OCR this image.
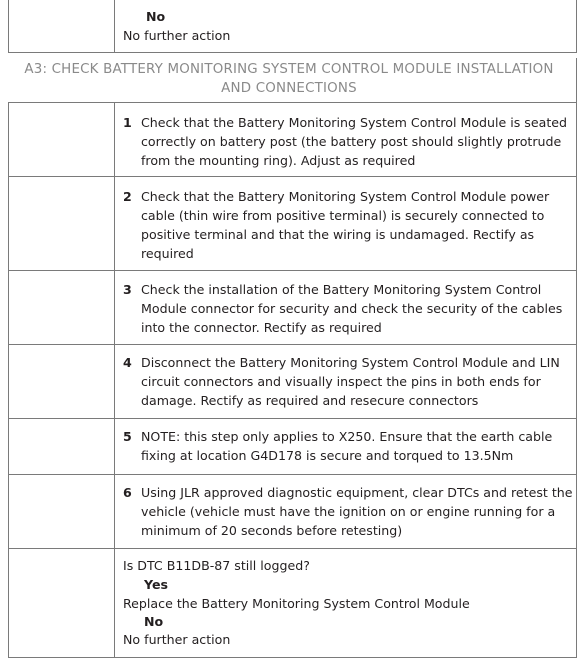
No
No further action
A3: CHECK BATTERY MONITORING SYSTEM CONTROL MODULE INSTALLATION
AND CONNECTIONS
1 Check that the Battery Monitoring System Control Module is seated
correctly on battery post (the battery post should slightly protrude
from the mounting ring). Adjust as required
2 Check that the Battery Monitoring System Control Module power
cable (thin wire from positive terminal) is securely connected to
positive terminal and that the wiring is undamaged. Rectify as
required
3 Check the installation of the Battery Monitoring System Control
Module connector for security and check the security of the cables
into the connector. Rectify as required
4 Disconnect the Battery Monitoring System Control Module and LIN
circuit connectors and visually inspect the pins in both ends for
damage. Rectify as required and resecure connectors
5 NOTE: this step only applies to X250. Ensure that the earth cable
fixing at location G4D178 is secure and torqued to 13.5Nm
6 Using JLR approved diagnostic equipment, clear DTCs and retest the
vehicle (vehicle must have the ignition on or engine running for a
minimum of 20 seconds before retesting)
Is DTC B11DB-87 still logged?
Yes
Replace the Battery Monitoring System Control Module
No
No further action
